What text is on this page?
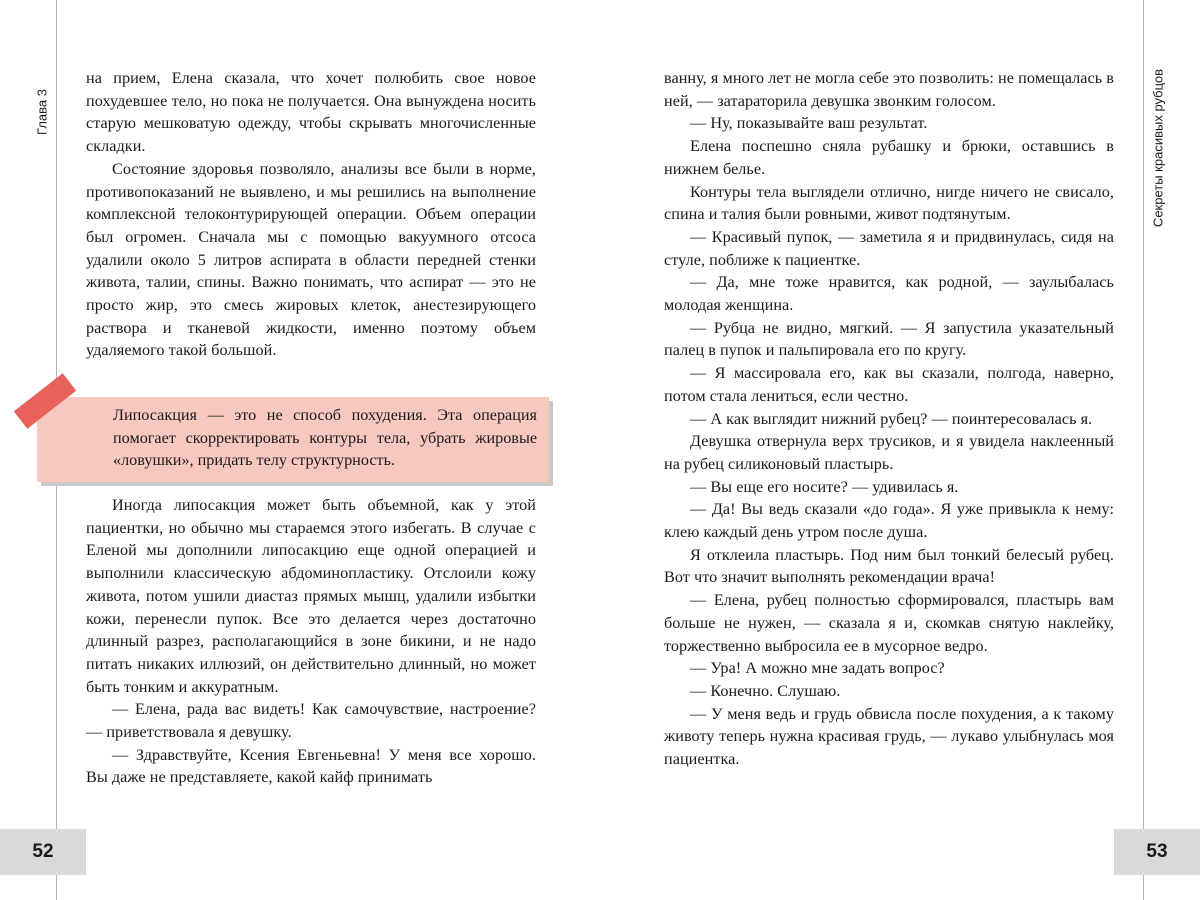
Глава 3

на прием, Елена сказала, что хочет полюбить свое новое похудевшее тело, но пока не получается. Она вынуждена носить старую мешковатую одежду, чтобы скрывать многочисленные складки.

Состояние здоровья позволяло, анализы все были в норме, противопоказаний не выявлено, и мы решились на выполнение комплексной телоконтурирующей операции. Объем операции был огромен. Сначала мы с помощью вакуумного отсоса удалили около 5 литров аспирата в области передней стенки живота, талии, спины. Важно понимать, что аспират — это не просто жир, это смесь жировых клеток, анестезирующего раствора и тканевой жидкости, именно поэтому объем удаляемого такой большой.

Липосакция — это не способ похудения. Эта операция помогает скорректировать контуры тела, убрать жировые «ловушки», придать телу структурность.

Иногда липосакция может быть объемной, как у этой пациентки, но обычно мы стараемся этого избегать. В случае с Еленой мы дополнили липосакцию еще одной операцией и выполнили классическую абдоминопластику. Отслоили кожу живота, потом ушили диастаз прямых мышц, удалили избытки кожи, перенесли пупок. Все это делается через достаточно длинный разрез, располагающийся в зоне бикини, и не надо питать никаких иллюзий, он действительно длинный, но может быть тонким и аккуратным.

— Елена, рада вас видеть! Как самочувствие, настроение? — приветствовала я девушку.

— Здравствуйте, Ксения Евгеньевна! У меня все хорошо. Вы даже не представляете, какой кайф принимать

52
Секреты красивых рубцов

ванну, я много лет не могла себе это позволить: не помещалась в ней, — затараторила девушка звонким голосом.

— Ну, показывайте ваш результат.

Елена поспешно сняла рубашку и брюки, оставшись в нижнем белье.

Контуры тела выглядели отлично, нигде ничего не свисало, спина и талия были ровными, живот подтянутым.

— Красивый пупок, — заметила я и придвинулась, сидя на стуле, поближе к пациентке.

— Да, мне тоже нравится, как родной, — заулыбалась молодая женщина.

— Рубца не видно, мягкий. — Я запустила указательный палец в пупок и пальпировала его по кругу.

— Я массировала его, как вы сказали, полгода, наверно, потом стала лениться, если честно.

— А как выглядит нижний рубец? — поинтересовалась я.

Девушка отвернула верх трусиков, и я увидела наклеенный на рубец силиконовый пластырь.

— Вы еще его носите? — удивилась я.

— Да! Вы ведь сказали «до года». Я уже привыкла к нему: клею каждый день утром после душа.

Я отклеила пластырь. Под ним был тонкий белесый рубец. Вот что значит выполнять рекомендации врача!

— Елена, рубец полностью сформировался, пластырь вам больше не нужен, — сказала я и, скомкав снятую наклейку, торжественно выбросила ее в мусорное ведро.

— Ура! А можно мне задать вопрос?

— Конечно. Слушаю.

— У меня ведь и грудь обвисла после похудения, а к такому животу теперь нужна красивая грудь, — лукаво улыбнулась моя пациентка.

53
